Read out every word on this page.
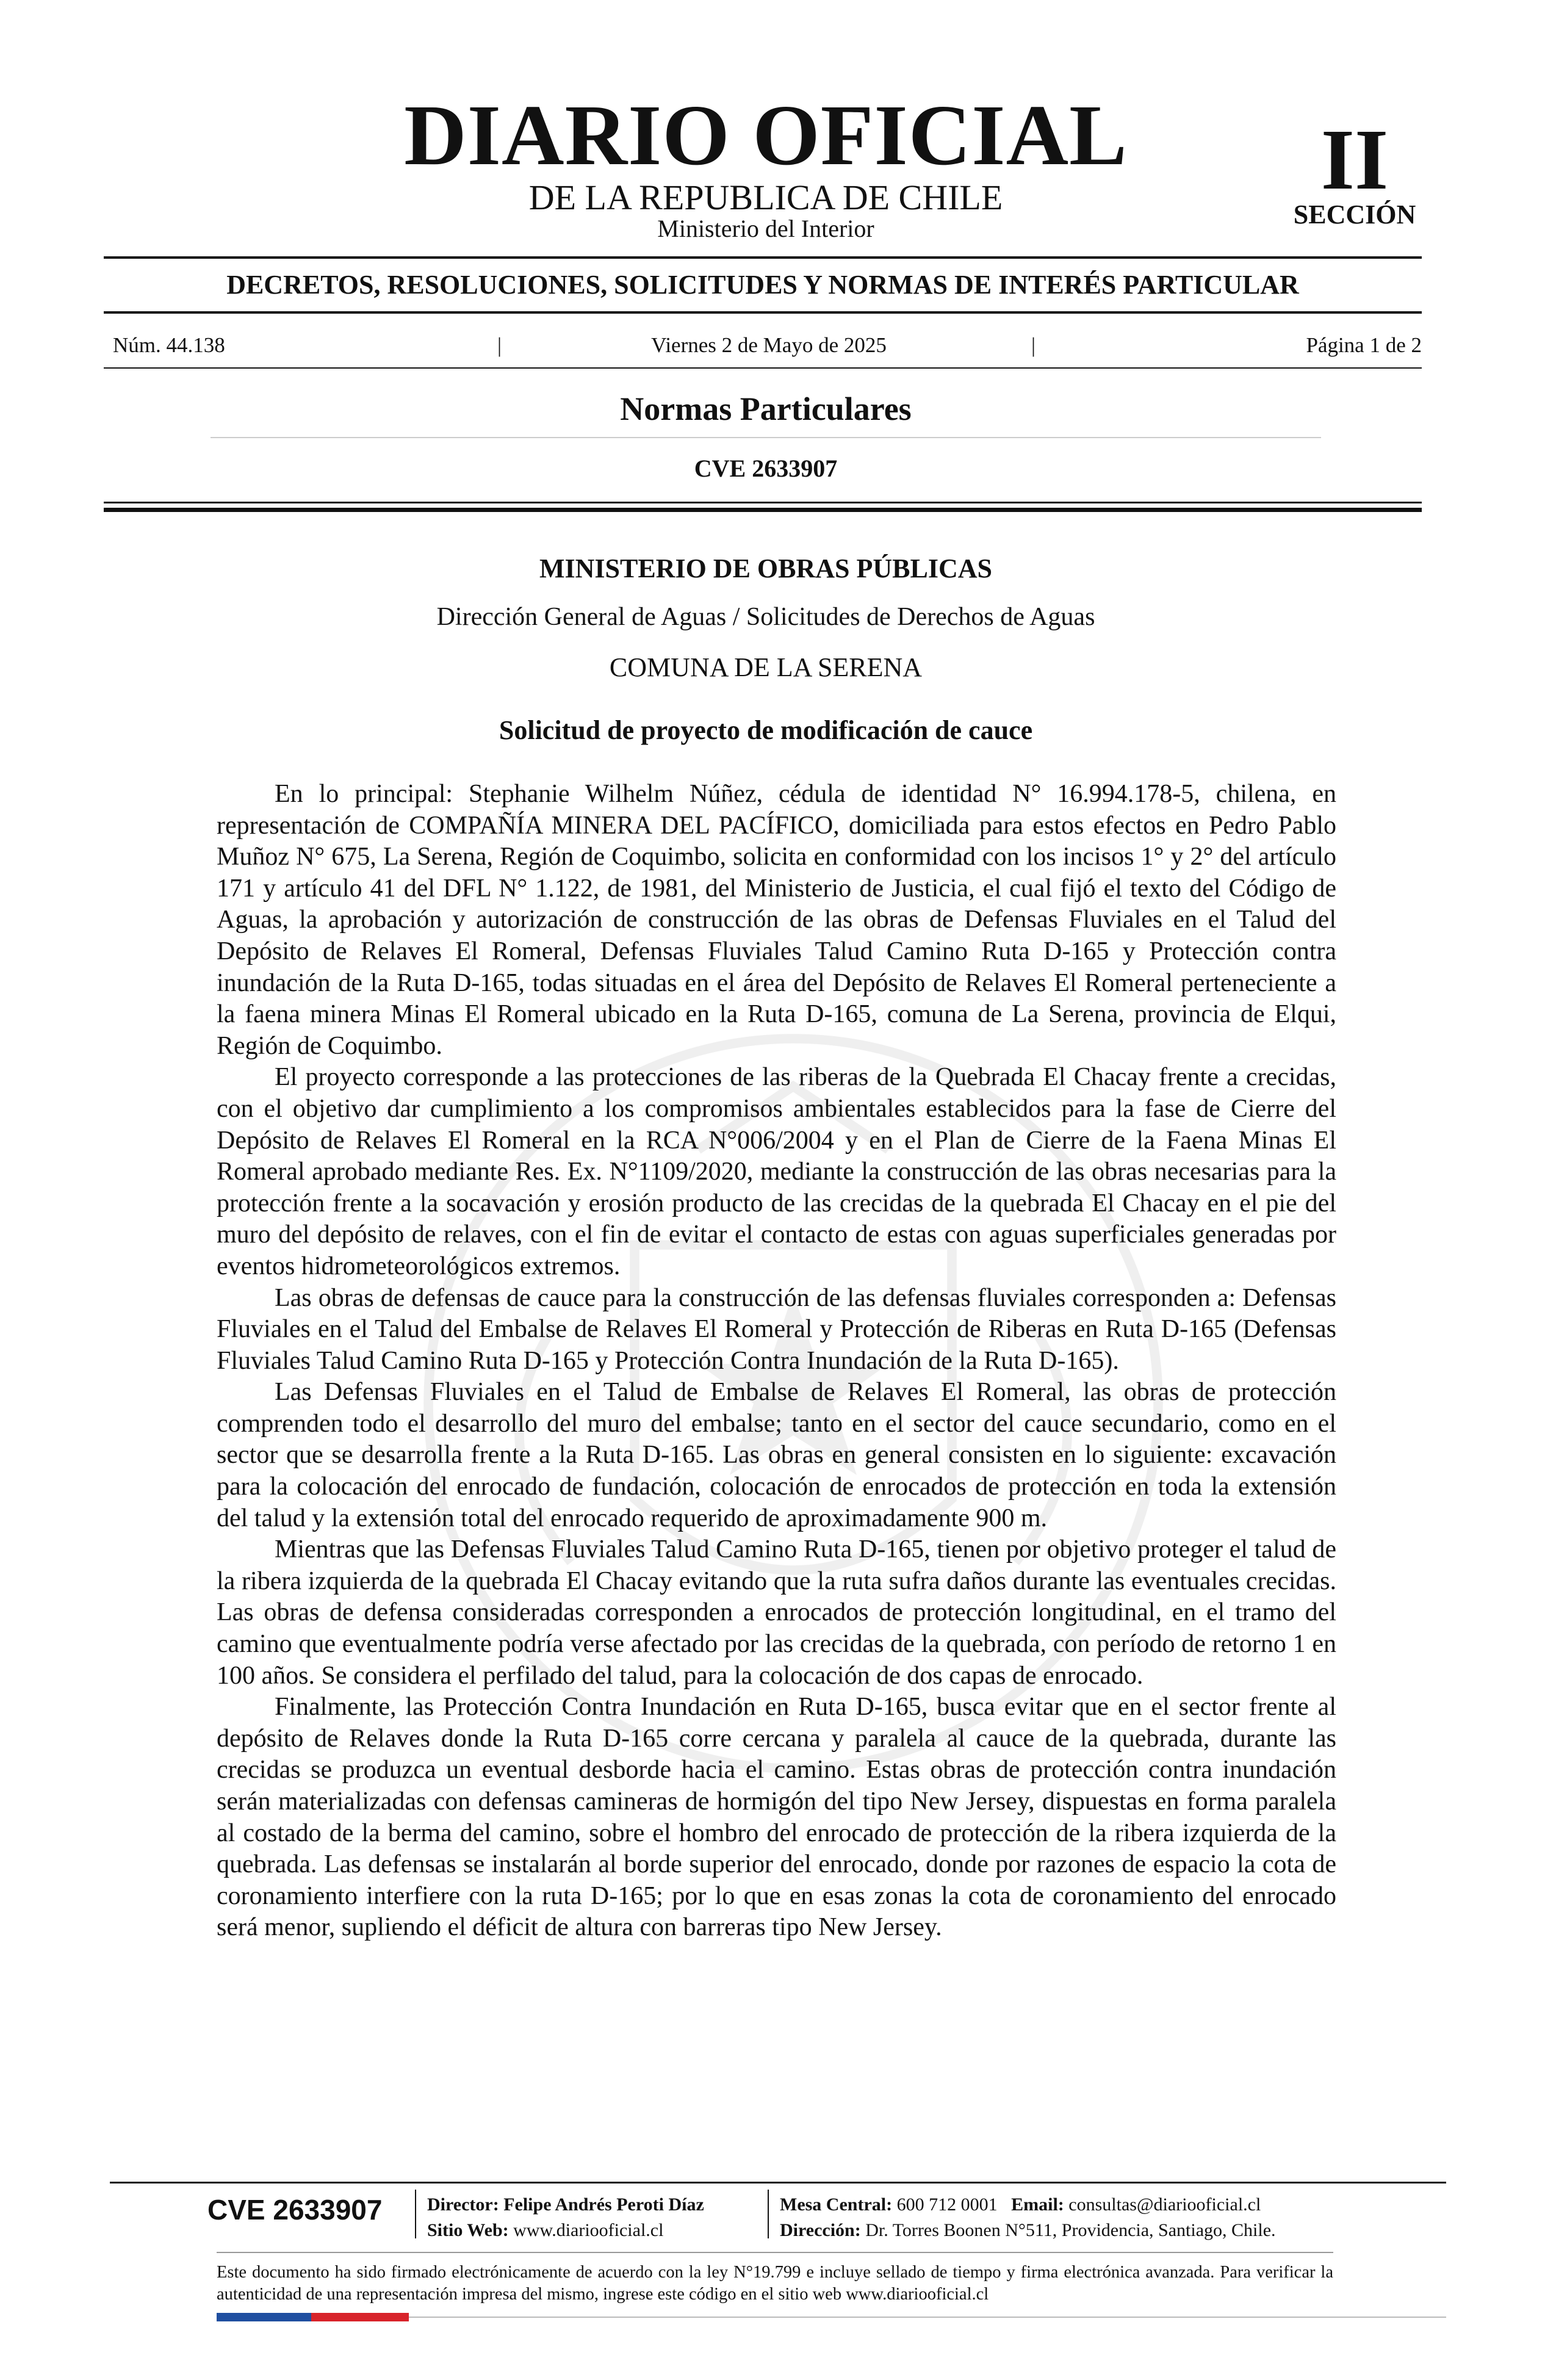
DIARIO OFICIAL
DE LA REPUBLICA DE CHILE
Ministerio del Interior
II
SECCIÓN
DECRETOS, RESOLUCIONES, SOLICITUDES Y NORMAS DE INTERÉS PARTICULAR
Núm. 44.138	|	Viernes 2 de Mayo de 2025	|	Página 1 de 2
Normas Particulares
CVE 2633907
MINISTERIO DE OBRAS PÚBLICAS
Dirección General de Aguas / Solicitudes de Derechos de Aguas
COMUNA DE LA SERENA
Solicitud de proyecto de modificación de cauce

En lo principal: Stephanie Wilhelm Núñez, cédula de identidad N° 16.994.178-5, chilena, en representación de COMPAÑÍA MINERA DEL PACÍFICO, domiciliada para estos efectos en Pedro Pablo Muñoz N° 675, La Serena, Región de Coquimbo, solicita en conformidad con los incisos 1° y 2° del artículo 171 y artículo 41 del DFL N° 1.122, de 1981, del Ministerio de Justicia, el cual fijó el texto del Código de Aguas, la aprobación y autorización de construcción de las obras de Defensas Fluviales en el Talud del Depósito de Relaves El Romeral, Defensas Fluviales Talud Camino Ruta D-165 y Protección contra inundación de la Ruta D-165, todas situadas en el área del Depósito de Relaves El Romeral perteneciente a la faena minera Minas El Romeral ubicado en la Ruta D-165, comuna de La Serena, provincia de Elqui, Región de Coquimbo.

El proyecto corresponde a las protecciones de las riberas de la Quebrada El Chacay frente a crecidas, con el objetivo dar cumplimiento a los compromisos ambientales establecidos para la fase de Cierre del Depósito de Relaves El Romeral en la RCA N°006/2004 y en el Plan de Cierre de la Faena Minas El Romeral aprobado mediante Res. Ex. N°1109/2020, mediante la construcción de las obras necesarias para la protección frente a la socavación y erosión producto de las crecidas de la quebrada El Chacay en el pie del muro del depósito de relaves, con el fin de evitar el contacto de estas con aguas superficiales generadas por eventos hidrometeorológicos extremos.

Las obras de defensas de cauce para la construcción de las defensas fluviales corresponden a: Defensas Fluviales en el Talud del Embalse de Relaves El Romeral y Protección de Riberas en Ruta D-165 (Defensas Fluviales Talud Camino Ruta D-165 y Protección Contra Inundación de la Ruta D-165).

Las Defensas Fluviales en el Talud de Embalse de Relaves El Romeral, las obras de protección comprenden todo el desarrollo del muro del embalse; tanto en el sector del cauce secundario, como en el sector que se desarrolla frente a la Ruta D-165. Las obras en general consisten en lo siguiente: excavación para la colocación del enrocado de fundación, colocación de enrocados de protección en toda la extensión del talud y la extensión total del enrocado requerido de aproximadamente 900 m.

Mientras que las Defensas Fluviales Talud Camino Ruta D-165, tienen por objetivo proteger el talud de la ribera izquierda de la quebrada El Chacay evitando que la ruta sufra daños durante las eventuales crecidas. Las obras de defensa consideradas corresponden a enrocados de protección longitudinal, en el tramo del camino que eventualmente podría verse afectado por las crecidas de la quebrada, con período de retorno 1 en 100 años. Se considera el perfilado del talud, para la colocación de dos capas de enrocado.

Finalmente, las Protección Contra Inundación en Ruta D-165, busca evitar que en el sector frente al depósito de Relaves donde la Ruta D-165 corre cercana y paralela al cauce de la quebrada, durante las crecidas se produzca un eventual desborde hacia el camino. Estas obras de protección contra inundación serán materializadas con defensas camineras de hormigón del tipo New Jersey, dispuestas en forma paralela al costado de la berma del camino, sobre el hombro del enrocado de protección de la ribera izquierda de la quebrada. Las defensas se instalarán al borde superior del enrocado, donde por razones de espacio la cota de coronamiento interfiere con la ruta D-165; por lo que en esas zonas la cota de coronamiento del enrocado será menor, supliendo el déficit de altura con barreras tipo New Jersey.

CVE 2633907	Director: Felipe Andrés Peroti Díaz
Sitio Web: www.diariooficial.cl
Mesa Central: 600 712 0001 Email: consultas@diariooficial.cl
Dirección: Dr. Torres Boonen N°511, Providencia, Santiago, Chile.
Este documento ha sido firmado electrónicamente de acuerdo con la ley N°19.799 e incluye sellado de tiempo y firma electrónica avanzada. Para verificar la autenticidad de una representación impresa del mismo, ingrese este código en el sitio web www.diariooficial.cl
